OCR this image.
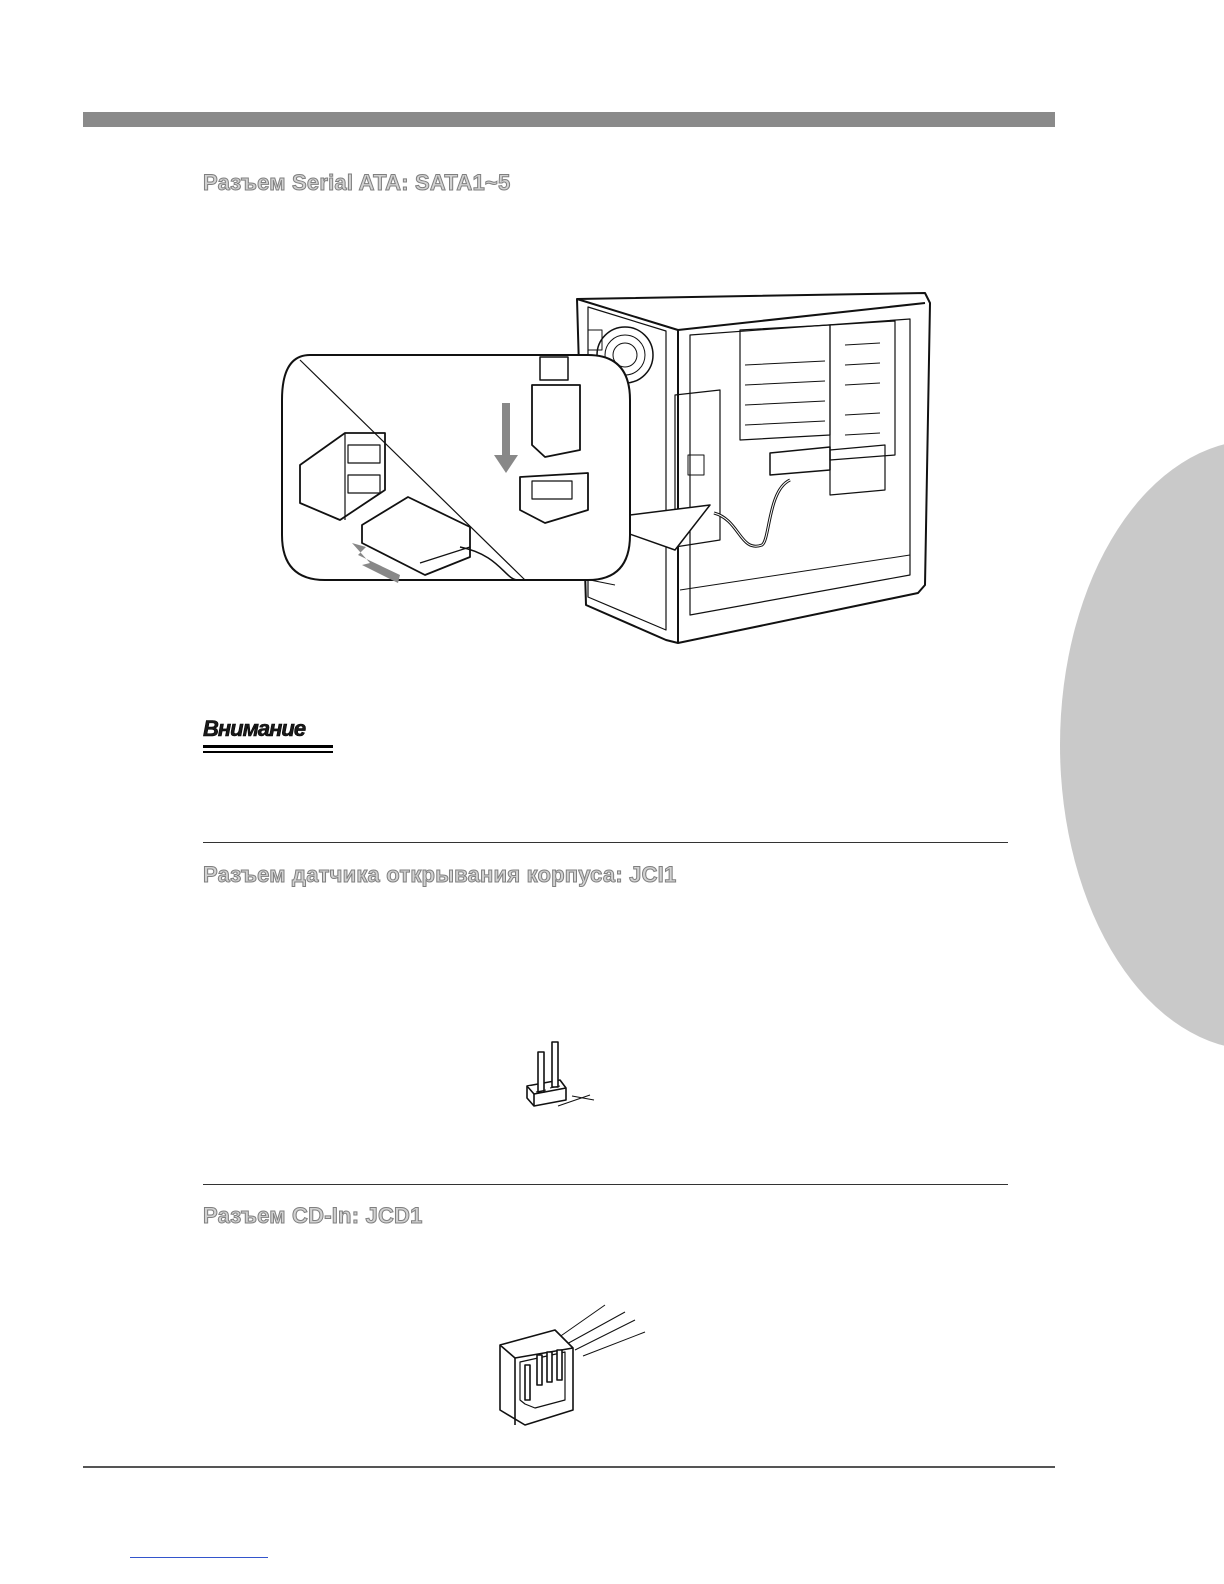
Разъем Serial ATA: SATA1~5
Внимание
Разъем датчика открывания корпуса: JCI1
Разъем CD-In: JCD1
